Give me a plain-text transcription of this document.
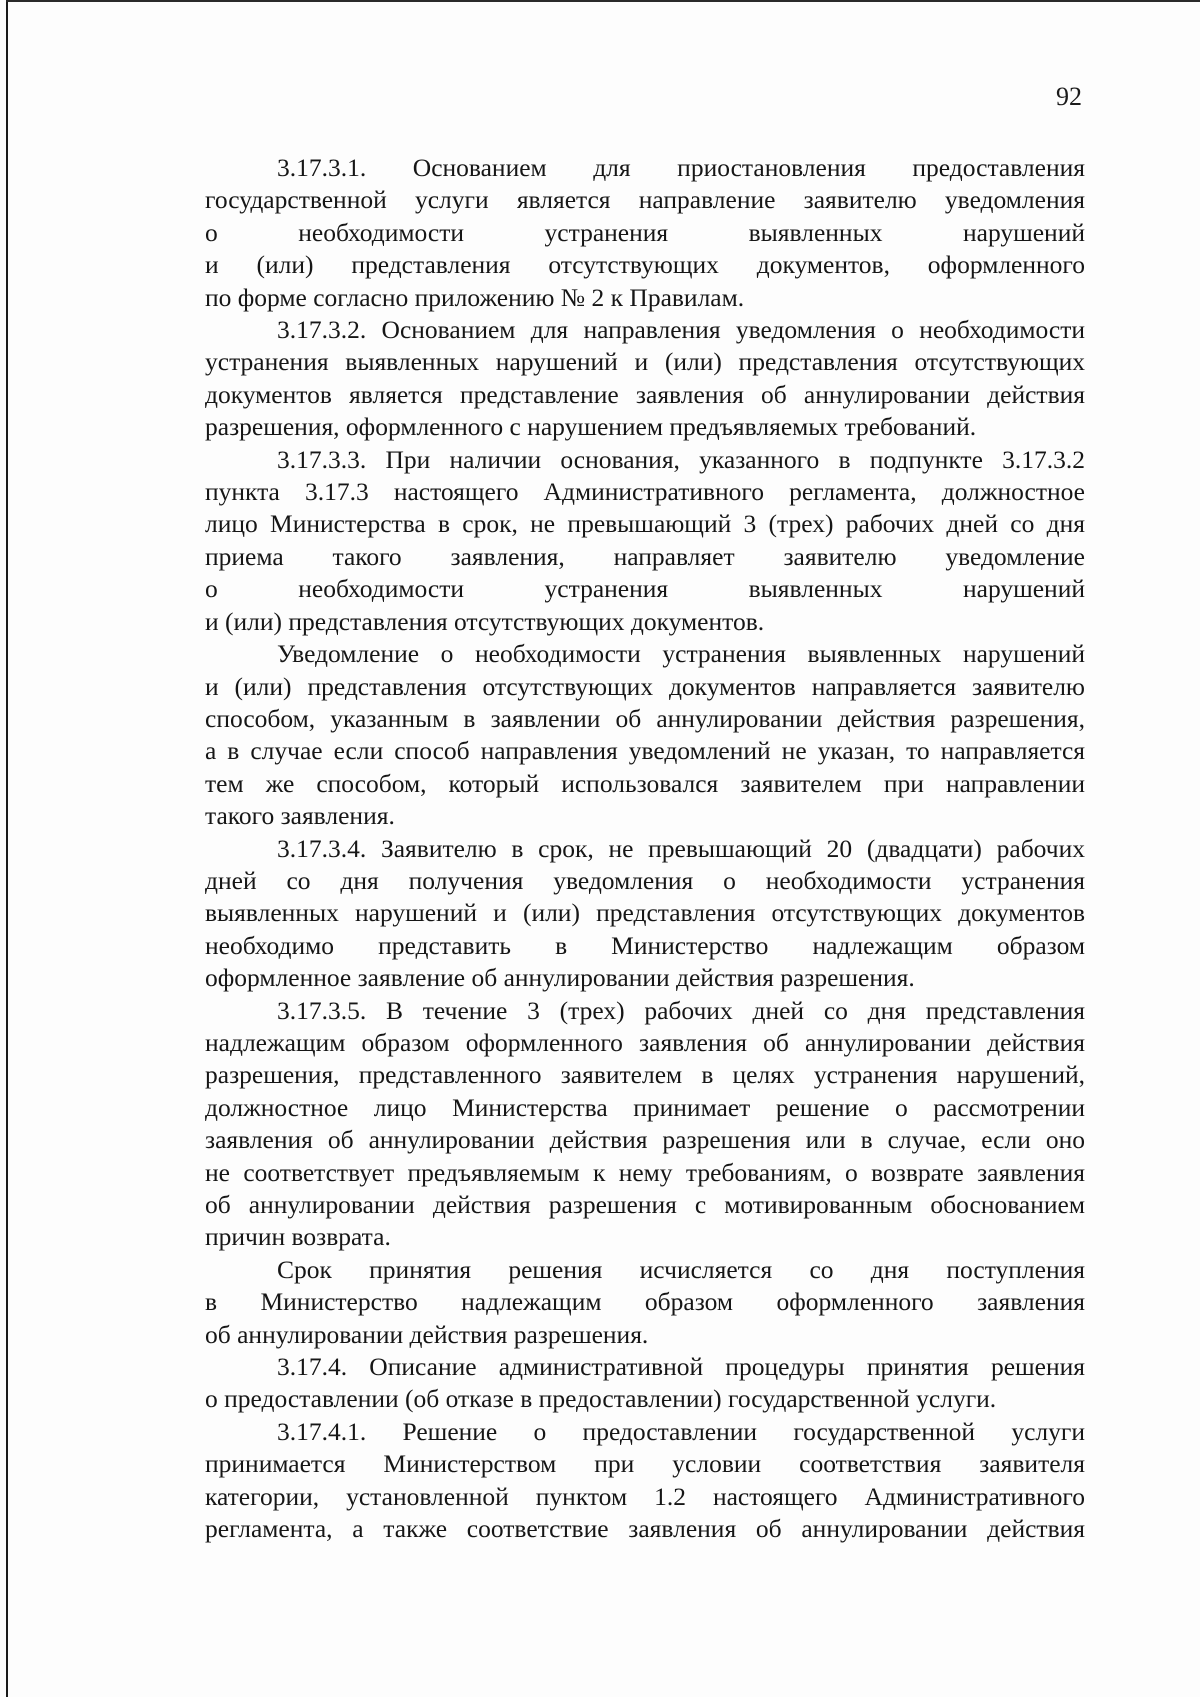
92
3.17.3.1. Основанием для приостановления предоставления
государственной услуги является направление заявителю уведомления
о необходимости устранения выявленных нарушений
и (или) представления отсутствующих документов, оформленного
по форме согласно приложению № 2 к Правилам.
3.17.3.2. Основанием для направления уведомления о необходимости
устранения выявленных нарушений и (или) представления отсутствующих
документов является представление заявления об аннулировании действия
разрешения, оформленного с нарушением предъявляемых требований.
3.17.3.3. При наличии основания, указанного в подпункте 3.17.3.2
пункта 3.17.3 настоящего Административного регламента, должностное
лицо Министерства в срок, не превышающий 3 (трех) рабочих дней со дня
приема такого заявления, направляет заявителю уведомление
о необходимости устранения выявленных нарушений
и (или) представления отсутствующих документов.
Уведомление о необходимости устранения выявленных нарушений
и (или) представления отсутствующих документов направляется заявителю
способом, указанным в заявлении об аннулировании действия разрешения,
а в случае если способ направления уведомлений не указан, то направляется
тем же способом, который использовался заявителем при направлении
такого заявления.
3.17.3.4. Заявителю в срок, не превышающий 20 (двадцати) рабочих
дней со дня получения уведомления о необходимости устранения
выявленных нарушений и (или) представления отсутствующих документов
необходимо представить в Министерство надлежащим образом
оформленное заявление об аннулировании действия разрешения.
3.17.3.5. В течение 3 (трех) рабочих дней со дня представления
надлежащим образом оформленного заявления об аннулировании действия
разрешения, представленного заявителем в целях устранения нарушений,
должностное лицо Министерства принимает решение о рассмотрении
заявления об аннулировании действия разрешения или в случае, если оно
не соответствует предъявляемым к нему требованиям, о возврате заявления
об аннулировании действия разрешения с мотивированным обоснованием
причин возврата.
Срок принятия решения исчисляется со дня поступления
в Министерство надлежащим образом оформленного заявления
об аннулировании действия разрешения.
3.17.4. Описание административной процедуры принятия решения
о предоставлении (об отказе в предоставлении) государственной услуги.
3.17.4.1. Решение о предоставлении государственной услуги
принимается Министерством при условии соответствия заявителя
категории, установленной пунктом 1.2 настоящего Административного
регламента, а также соответствие заявления об аннулировании действия
